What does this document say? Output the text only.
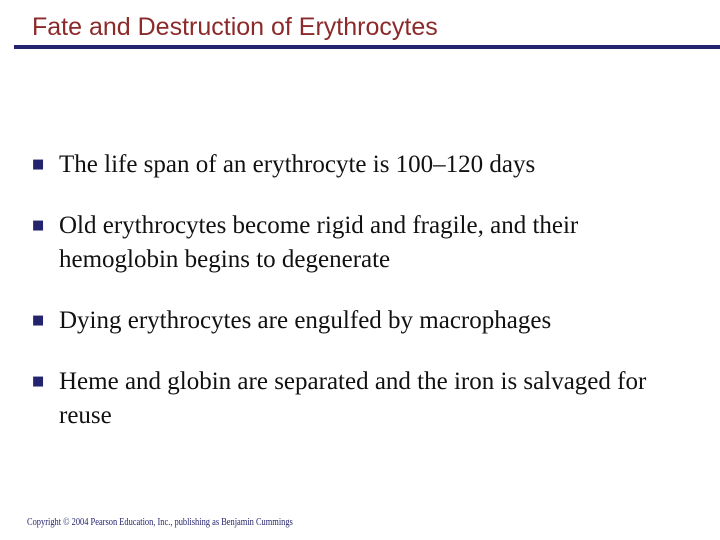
Fate and Destruction of Erythrocytes
■ The life span of an erythrocyte is 100–120 days
■ Old erythrocytes become rigid and fragile, and their hemoglobin begins to degenerate
■ Dying erythrocytes are engulfed by macrophages
■ Heme and globin are separated and the iron is salvaged for reuse
Copyright © 2004 Pearson Education, Inc., publishing as Benjamin Cummings
